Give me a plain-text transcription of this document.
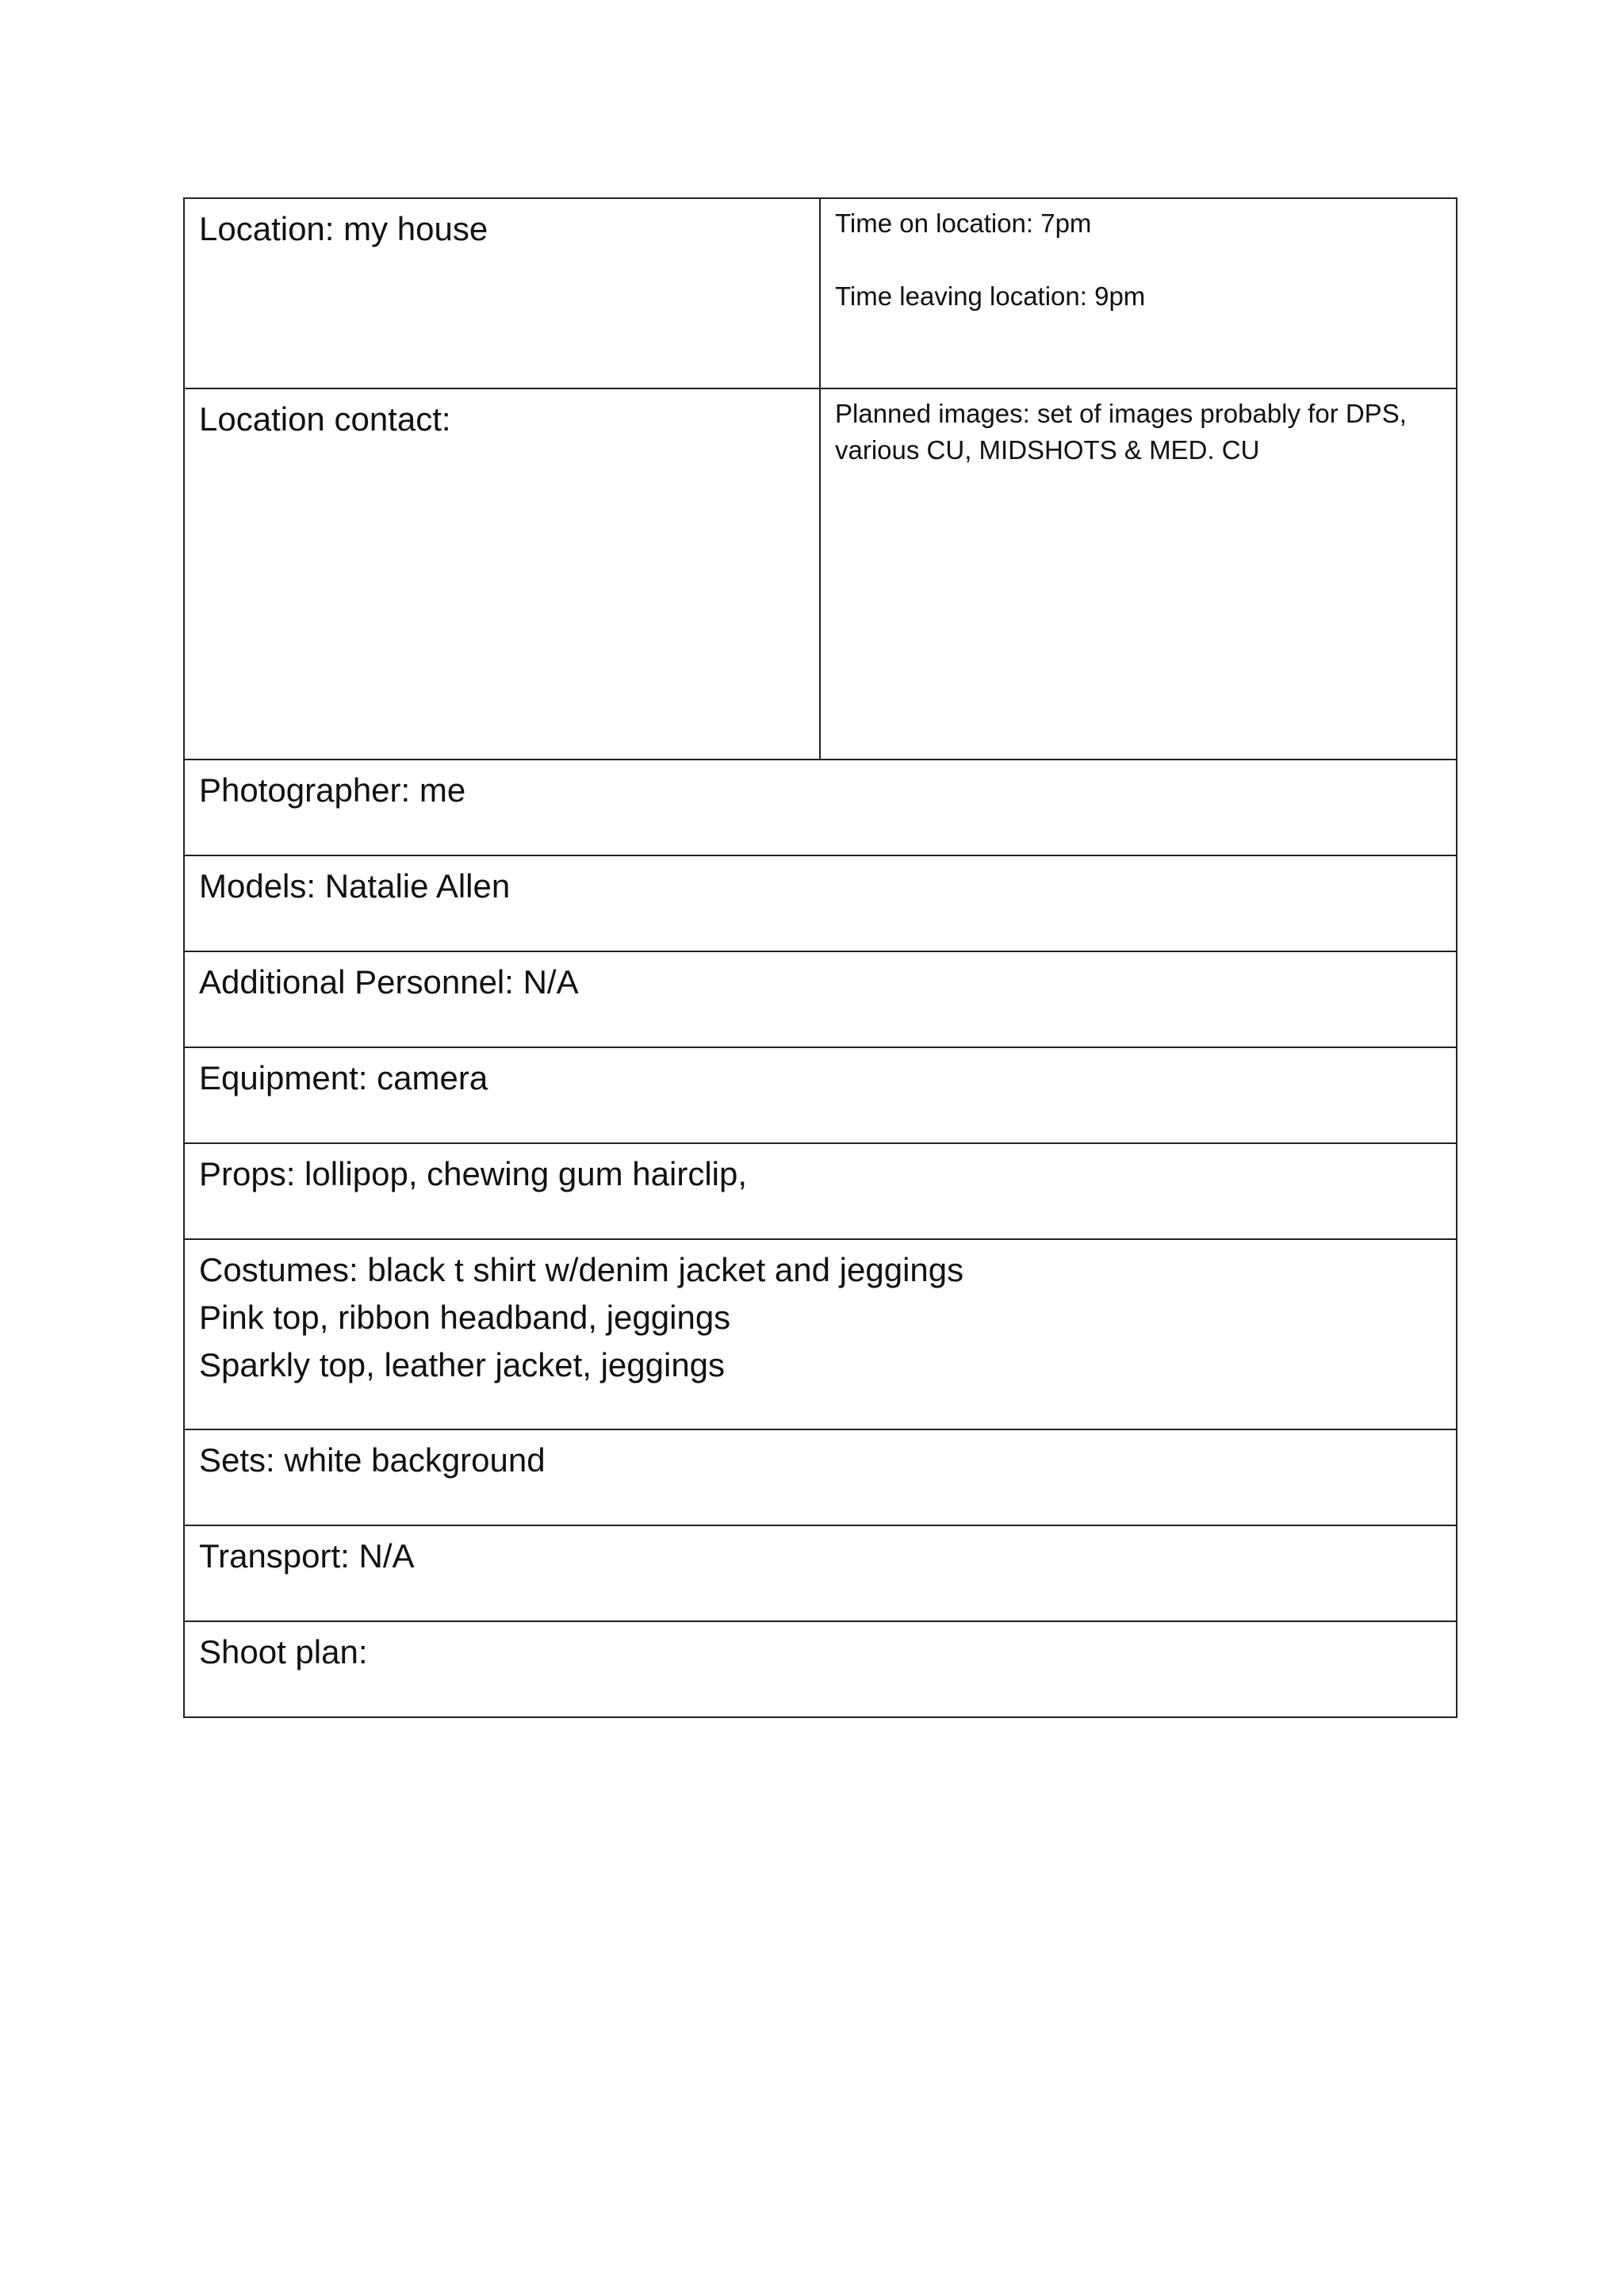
Location: my house	Time on location: 7pm
Time leaving location: 9pm

Location contact:	Planned images: set of images probably for DPS,
various CU, MIDSHOTS & MED. CU

Photographer: me	

Models: Natalie Allen	

Additional Personnel: N/A	

Equipment: camera	

Props: lollipop, chewing gum hairclip,	

Costumes: black t shirt w/denim jacket and jeggings
Pink top, ribbon headband, jeggings
Sparkly top, leather jacket, jeggings	

Sets: white background	

Transport: N/A	

Shoot plan:	
